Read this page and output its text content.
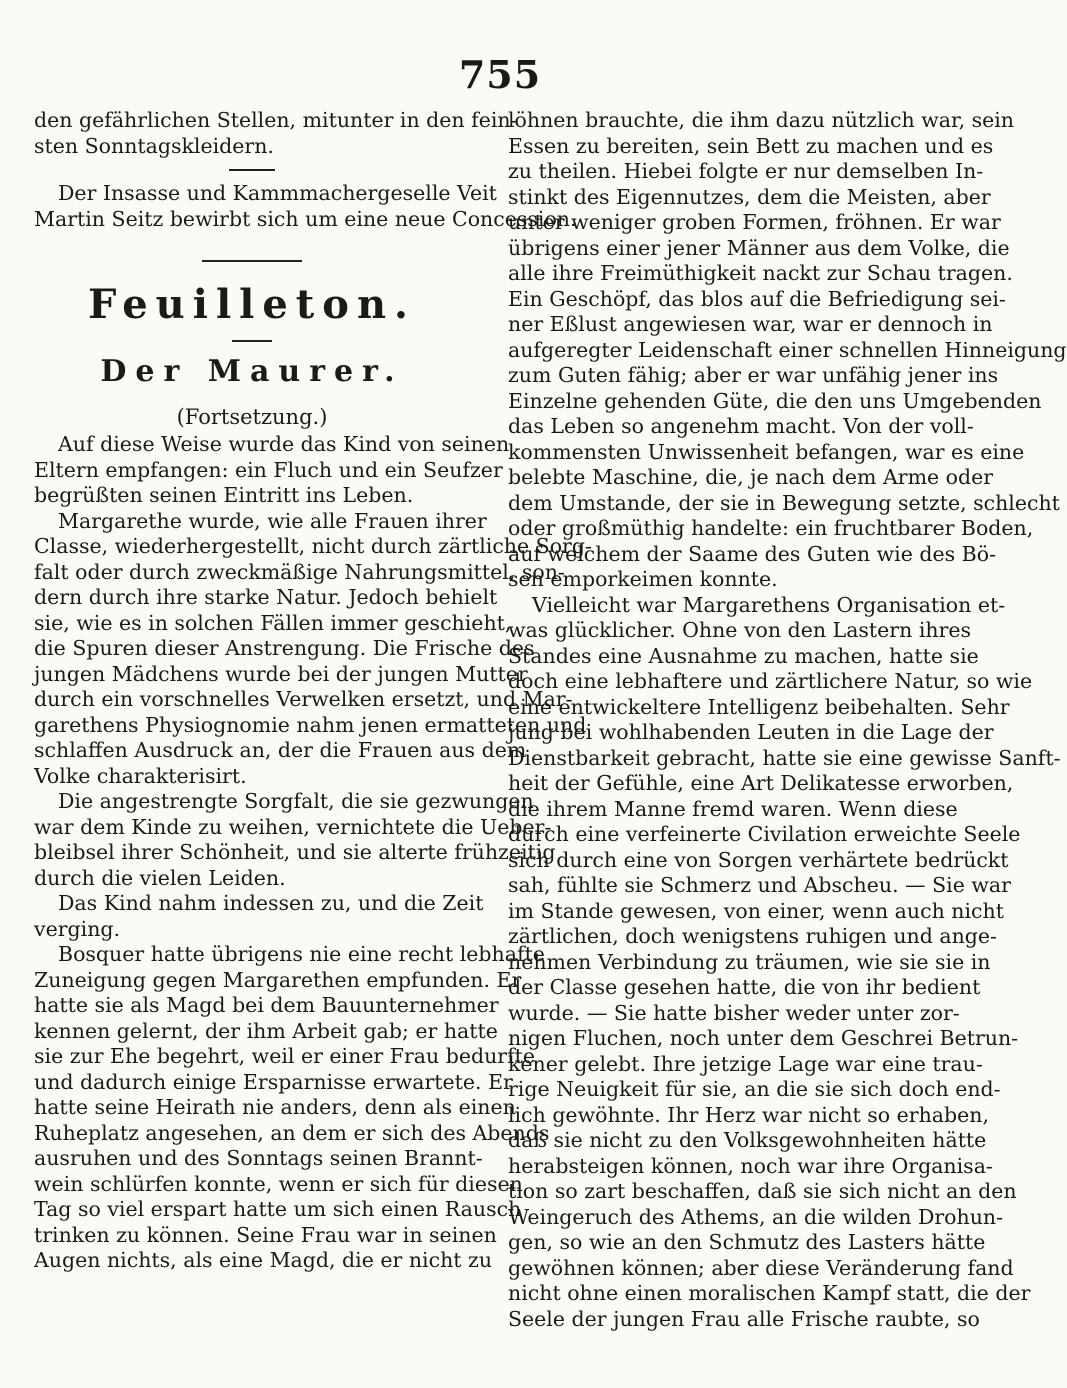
755
den gefährlichen Stellen, mitunter in den fein-
sten Sonntagskleidern.
Der Insasse und Kammmachergeselle Veit
Martin Seitz bewirbt sich um eine neue Concession.
Feuilleton.
Der Maurer.
(Fortsetzung.)
Auf diese Weise wurde das Kind von seinen
Eltern empfangen: ein Fluch und ein Seufzer
begrüßten seinen Eintritt ins Leben.
Margarethe wurde, wie alle Frauen ihrer
Classe, wiederhergestellt, nicht durch zärtliche Sorg-
falt oder durch zweckmäßige Nahrungsmittel, son-
dern durch ihre starke Natur. Jedoch behielt
sie, wie es in solchen Fällen immer geschieht,
die Spuren dieser Anstrengung. Die Frische des
jungen Mädchens wurde bei der jungen Mutter
durch ein vorschnelles Verwelken ersetzt, und Mar-
garethens Physiognomie nahm jenen ermatteten und
schlaffen Ausdruck an, der die Frauen aus dem
Volke charakterisirt.
Die angestrengte Sorgfalt, die sie gezwungen
war dem Kinde zu weihen, vernichtete die Ueber-
bleibsel ihrer Schönheit, und sie alterte frühzeitig
durch die vielen Leiden.
Das Kind nahm indessen zu, und die Zeit
verging.
Bosquer hatte übrigens nie eine recht lebhafte
Zuneigung gegen Margarethen empfunden. Er
hatte sie als Magd bei dem Bauunternehmer
kennen gelernt, der ihm Arbeit gab; er hatte
sie zur Ehe begehrt, weil er einer Frau bedurfte
und dadurch einige Ersparnisse erwartete. Er
hatte seine Heirath nie anders, denn als einen
Ruheplatz angesehen, an dem er sich des Abends
ausruhen und des Sonntags seinen Brannt-
wein schlürfen konnte, wenn er sich für diesen
Tag so viel erspart hatte um sich einen Rausch
trinken zu können. Seine Frau war in seinen
Augen nichts, als eine Magd, die er nicht zu
löhnen brauchte, die ihm dazu nützlich war, sein
Essen zu bereiten, sein Bett zu machen und es
zu theilen. Hiebei folgte er nur demselben In-
stinkt des Eigennutzes, dem die Meisten, aber
unter weniger groben Formen, fröhnen. Er war
übrigens einer jener Männer aus dem Volke, die
alle ihre Freimüthigkeit nackt zur Schau tragen.
Ein Geschöpf, das blos auf die Befriedigung sei-
ner Eßlust angewiesen war, war er dennoch in
aufgeregter Leidenschaft einer schnellen Hinneigung
zum Guten fähig; aber er war unfähig jener ins
Einzelne gehenden Güte, die den uns Umgebenden
das Leben so angenehm macht. Von der voll-
kommensten Unwissenheit befangen, war es eine
belebte Maschine, die, je nach dem Arme oder
dem Umstande, der sie in Bewegung setzte, schlecht
oder großmüthig handelte: ein fruchtbarer Boden,
auf welchem der Saame des Guten wie des Bö-
sen emporkeimen konnte.
Vielleicht war Margarethens Organisation et-
was glücklicher. Ohne von den Lastern ihres
Standes eine Ausnahme zu machen, hatte sie
doch eine lebhaftere und zärtlichere Natur, so wie
eine entwickeltere Intelligenz beibehalten. Sehr
jung bei wohlhabenden Leuten in die Lage der
Dienstbarkeit gebracht, hatte sie eine gewisse Sanft-
heit der Gefühle, eine Art Delikatesse erworben,
die ihrem Manne fremd waren. Wenn diese
durch eine verfeinerte Civilation erweichte Seele
sich durch eine von Sorgen verhärtete bedrückt
sah, fühlte sie Schmerz und Abscheu. — Sie war
im Stande gewesen, von einer, wenn auch nicht
zärtlichen, doch wenigstens ruhigen und ange-
nehmen Verbindung zu träumen, wie sie sie in
der Classe gesehen hatte, die von ihr bedient
wurde. — Sie hatte bisher weder unter zor-
nigen Fluchen, noch unter dem Geschrei Betrun-
kener gelebt. Ihre jetzige Lage war eine trau-
rige Neuigkeit für sie, an die sie sich doch end-
lich gewöhnte. Ihr Herz war nicht so erhaben,
daß sie nicht zu den Volksgewohnheiten hätte
herabsteigen können, noch war ihre Organisa-
tion so zart beschaffen, daß sie sich nicht an den
Weingeruch des Athems, an die wilden Drohun-
gen, so wie an den Schmutz des Lasters hätte
gewöhnen können; aber diese Veränderung fand
nicht ohne einen moralischen Kampf statt, die der
Seele der jungen Frau alle Frische raubte, so
